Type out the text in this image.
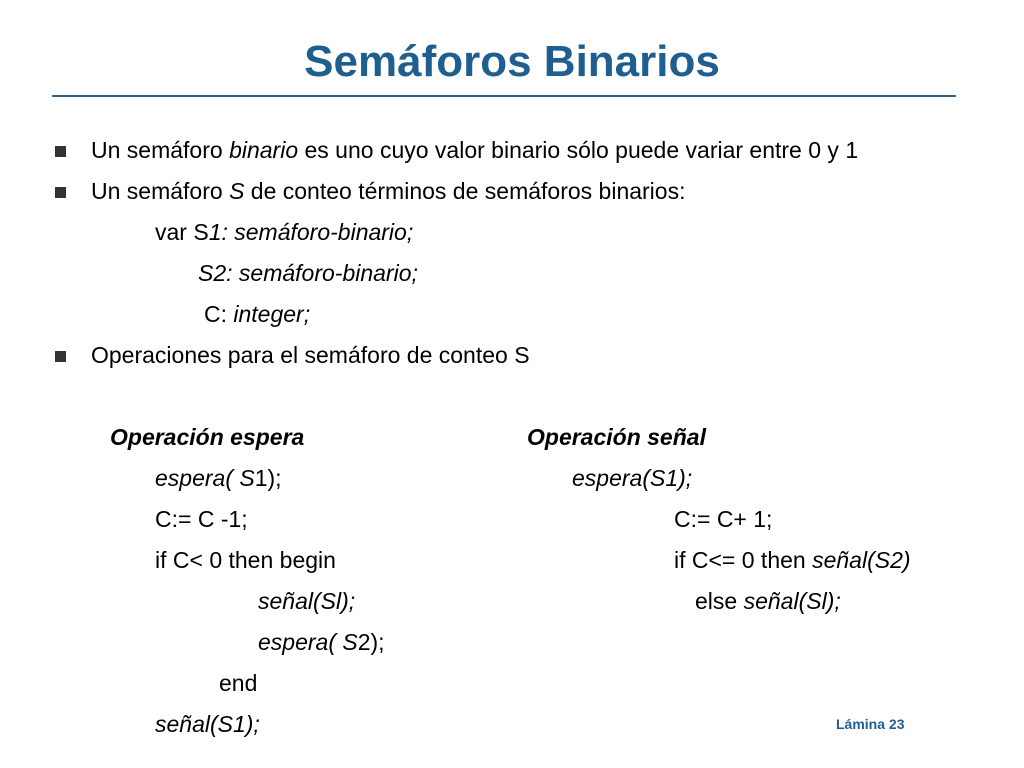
Semáforos Binarios
Un semáforo binario es uno cuyo valor binario sólo puede variar entre 0 y 1
Un semáforo S de conteo términos de semáforos binarios:
var S1: semáforo-binario;
S2: semáforo-binario;
C: integer;
Operaciones para el semáforo de conteo S
Operación espera
espera( S1);
C:= C -1;
if C< 0 then begin
señal(Sl);
espera( S2);
end
señal(S1);
Operación señal
espera(S1);
C:= C+ 1;
if C<= 0 then señal(S2)
else señal(Sl);
Lámina 23
